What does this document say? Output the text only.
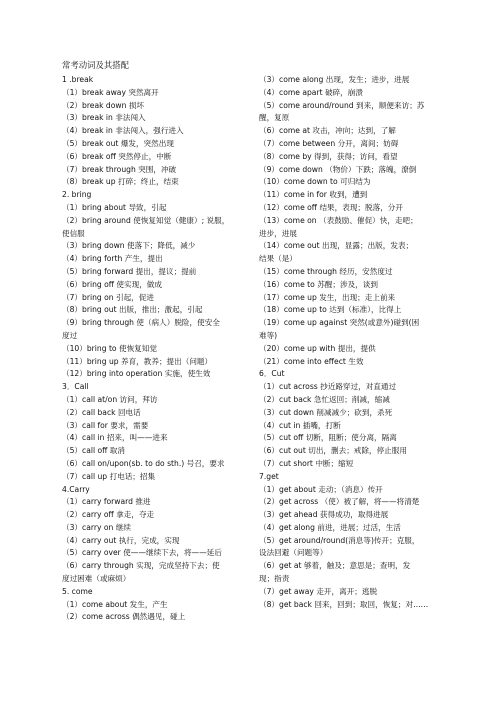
常考动词及其搭配
1 .break
（1）break away 突然离开
（2）break down 损坏
（3）break in 非法闯入
（4）break in 非法闯入，强行进入
（5）break out 爆发，突然出现
（6）break off 突然停止，中断
（7）break through 突围，冲破
（8）break up 打碎；终止，结束
2. bring
（1）bring about 导致，引起
（2）bring around 使恢复知觉（健康）; 说服，
使信服
（3）bring down 使落下；降低，减少
（4）bring forth 产生，提出
（5）bring forward 提出，提议；提前
（6）bring off 使实现，做成
（7）bring on 引起，促进
（8）bring out 出版，推出；激起，引起
（9）bring through 使（病人）脱险，使安全
度过
（10）bring to 使恢复知觉
（11）bring up 养育，教养；提出（问题）
（12）bring into operation 实施，使生效
3．Call
（1）call at/on 访问，拜访
（2）call back 回电话
（3）call for 要求，需要
（4）call in 招来，叫——进来
（5）call off 取消
（6）call on/upon(sb. to do sth.) 号召，要求
（7）call up 打电话；招集
4.Carry
（1）carry forward 推进
（2）carry off 拿走，夺走
（3）carry on 继续
（4）carry out 执行，完成，实现
（5）carry over 使——继续下去，将——延后
（6）carry through 实现，完成坚持下去；使
度过困难（或麻烦）
5. come
（1）come about 发生，产生
（2）come across 偶然遇见，碰上
（3）come along 出现，发生；进步，进展
（4）come apart 破碎，崩溃
（5）come around/round 到来，顺便来访；苏
醒，复原
（6）come at 攻击，冲向；达到，了解
（7）come between 分开，离间；妨碍
（8）come by 得到，获得；访问，看望
（9）come down （物价）下跌；落魄，潦倒
（10）come down to 可归结为
（11）come in for 收到，遭到
（12）come off 结果，表现；脱落，分开
（13）come on （表鼓励、催促）快，走吧；
进步，进展
（14）come out 出现，显露；出版，发表；
结果（是）
（15）come through 经历，安然度过
（16）come to 苏醒；涉及，谈到
（17）come up 发生，出现；走上前来
（18）come up to 达到（标准），比得上
（19）come up against 突然(或意外)碰到(困
难等)
（20）come up with 提出，提供
（21）come into effect 生效
6．Cut
（1）cut across 抄近路穿过，对直通过
（2）cut back 急忙返回；削减，缩减
（3）cut down 削减减少；砍到，杀死
（4）cut in 插嘴，打断
（5）cut off 切断，阻断；使分离，隔离
（6）cut out 切出，删去；戒除，停止服用
（7）cut short 中断；缩短
7.get
（1）get about 走动；（消息）传开
（2）get across （使）被了解，将——将清楚
（3）get ahead 获得成功，取得进展
（4）get along 前进，进展；过活，生活
（5）get around/round(消息等)传开；克服，
设法回避（问题等）
（6）get at 够着，触及；意思是；查明，发
现；指责
（7）get away 走开，离开；逃脱
（8）get back 回来，回到；取回，恢复；对……
